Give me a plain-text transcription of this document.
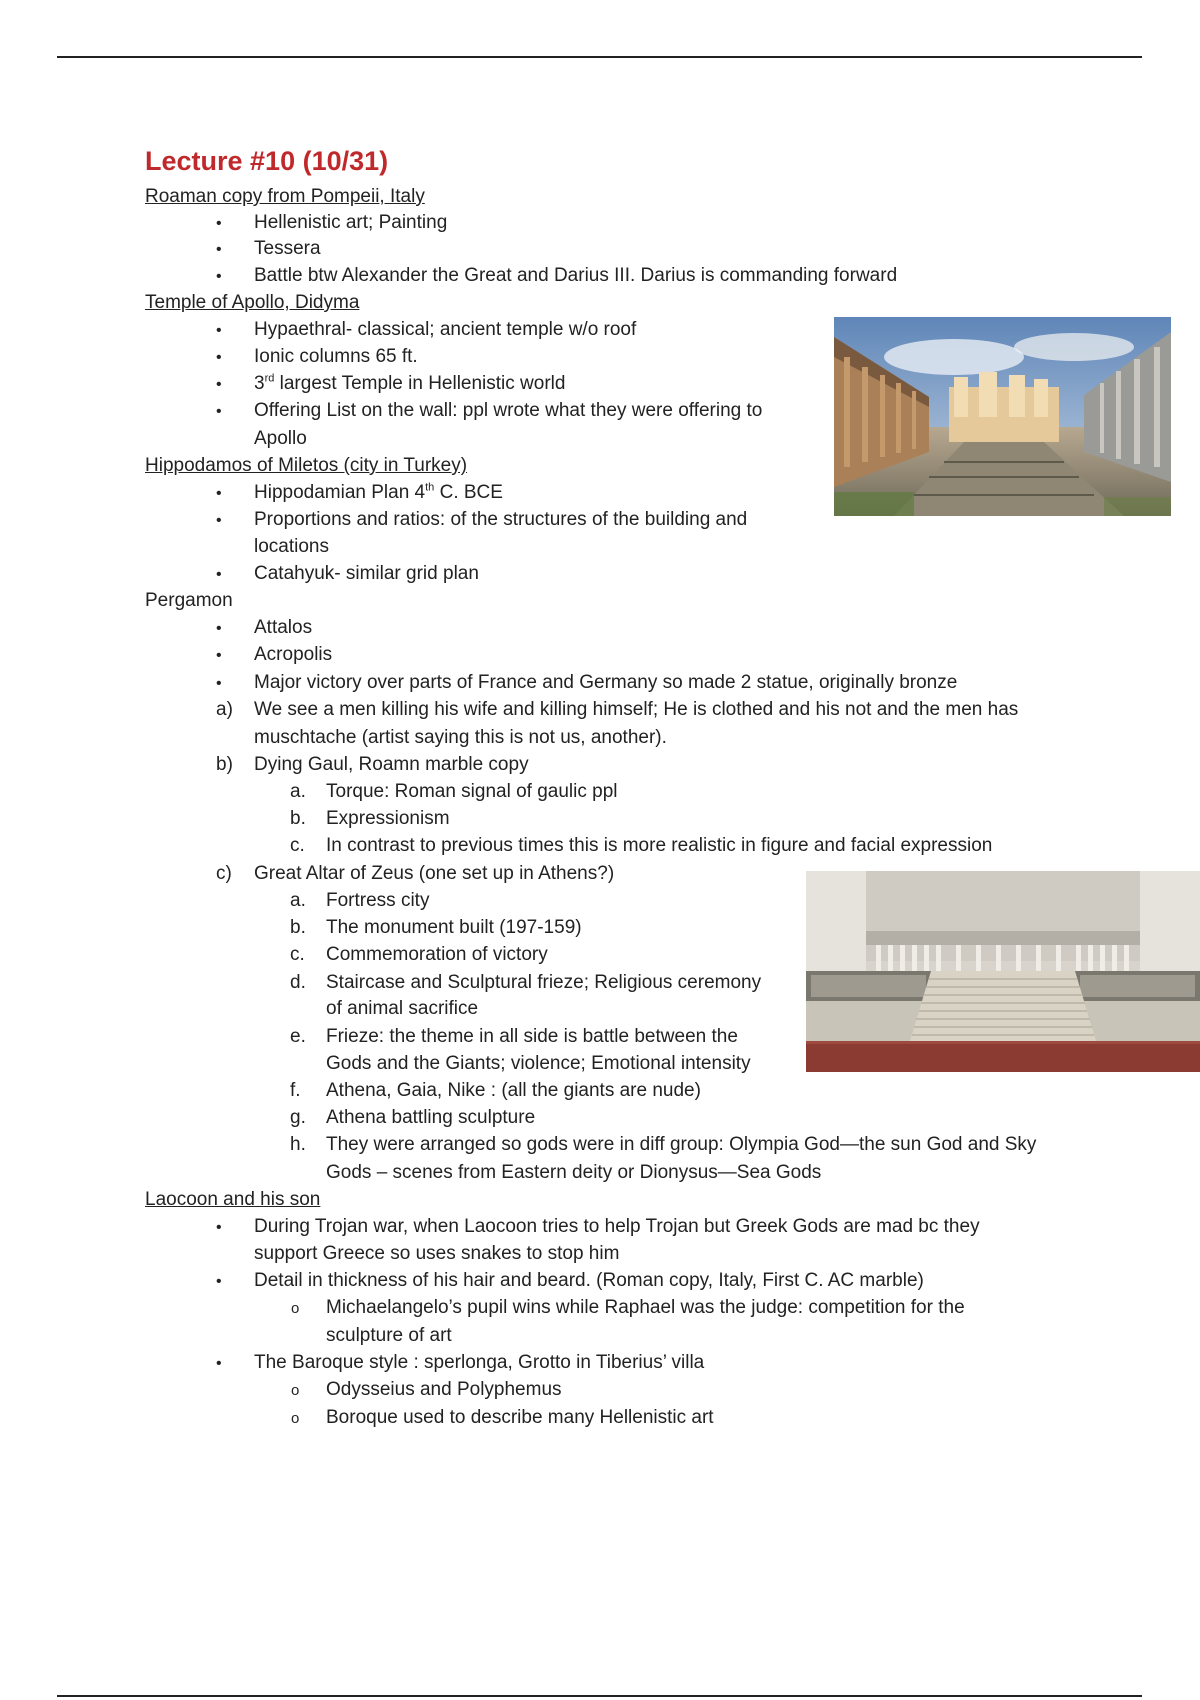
Lecture #10 (10/31)
Roaman copy from Pompeii, Italy
• Hellenistic art; Painting
• Tessera
• Battle btw Alexander the Great and Darius III. Darius is commanding forward
Temple of Apollo, Didyma
• Hypaethral- classical; ancient temple w/o roof
• Ionic columns 65 ft.
• 3rd largest Temple in Hellenistic world
• Offering List on the wall: ppl wrote what they were offering to
Apollo
Hippodamos of Miletos (city in Turkey)
• Hippodamian Plan 4th C. BCE
• Proportions and ratios: of the structures of the building and
locations
• Catahyuk- similar grid plan
Pergamon
• Attalos
• Acropolis
• Major victory over parts of France and Germany so made 2 statue, originally bronze
a) We see a men killing his wife and killing himself; He is clothed and his not and the men has
muschtache (artist saying this is not us, another).
b) Dying Gaul, Roamn marble copy
a. Torque: Roman signal of gaulic ppl
b. Expressionism
c. In contrast to previous times this is more realistic in figure and facial expression
c) Great Altar of Zeus (one set up in Athens?)
a. Fortress city
b. The monument built (197-159)
c. Commemoration of victory
d. Staircase and Sculptural frieze; Religious ceremony
of animal sacrifice
e. Frieze: the theme in all side is battle between the
Gods and the Giants; violence; Emotional intensity
f. Athena, Gaia, Nike : (all the giants are nude)
g. Athena battling sculpture
h. They were arranged so gods were in diff group: Olympia God—the sun God and Sky
Gods – scenes from Eastern deity or Dionysus—Sea Gods
Laocoon and his son
• During Trojan war, when Laocoon tries to help Trojan but Greek Gods are mad bc they
support Greece so uses snakes to stop him
• Detail in thickness of his hair and beard. (Roman copy, Italy, First C. AC marble)
o Michaelangelo’s pupil wins while Raphael was the judge: competition for the
sculpture of art
• The Baroque style : sperlonga, Grotto in Tiberius’ villa
o Odysseius and Polyphemus
o Boroque used to describe many Hellenistic art
